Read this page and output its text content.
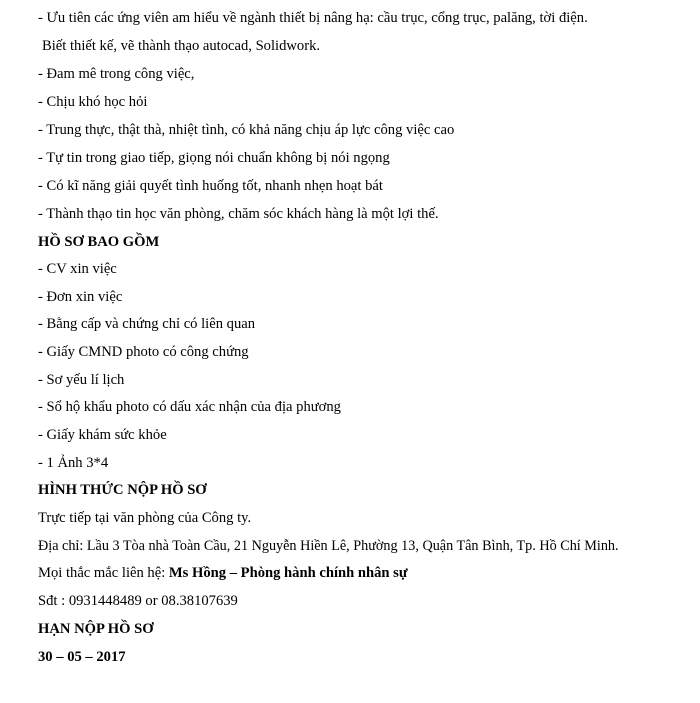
- Ưu tiên các ứng viên am hiểu về ngành thiết bị nâng hạ: cầu trục, cổng trục, palăng, tời điện.
Biết thiết kế, vẽ thành thạo autocad, Solidwork.
- Đam mê trong công việc,
- Chịu khó học hỏi
- Trung thực, thật thà, nhiệt tình, có khả năng chịu áp lực công việc cao
- Tự tin trong giao tiếp, giọng nói chuẩn không bị nói ngọng
- Có kĩ năng giải quyết tình huống tốt, nhanh nhẹn hoạt bát
- Thành thạo tin học văn phòng, chăm sóc khách hàng là một lợi thế.
HỒ SƠ BAO GỒM
- CV xin việc
- Đơn xin việc
- Bằng cấp và chứng chỉ có liên quan
- Giấy CMND photo có công chứng
- Sơ yếu lí lịch
- Sổ hộ khẩu photo có dấu xác nhận của địa phương
- Giấy khám sức khỏe
- 1 Ảnh 3*4
HÌNH THỨC NỘP HỒ SƠ
Trực tiếp tại văn phòng của Công ty.
Địa chỉ: Lầu 3 Tòa nhà Toàn Cầu, 21 Nguyễn Hiền Lê, Phường 13, Quận Tân Bình, Tp. Hồ Chí Minh.
Mọi thắc mắc liên hệ: Ms Hồng – Phòng hành chính nhân sự
Sđt : 0931448489 or 08.38107639
HẠN NỘP HỒ SƠ
30 – 05 – 2017
